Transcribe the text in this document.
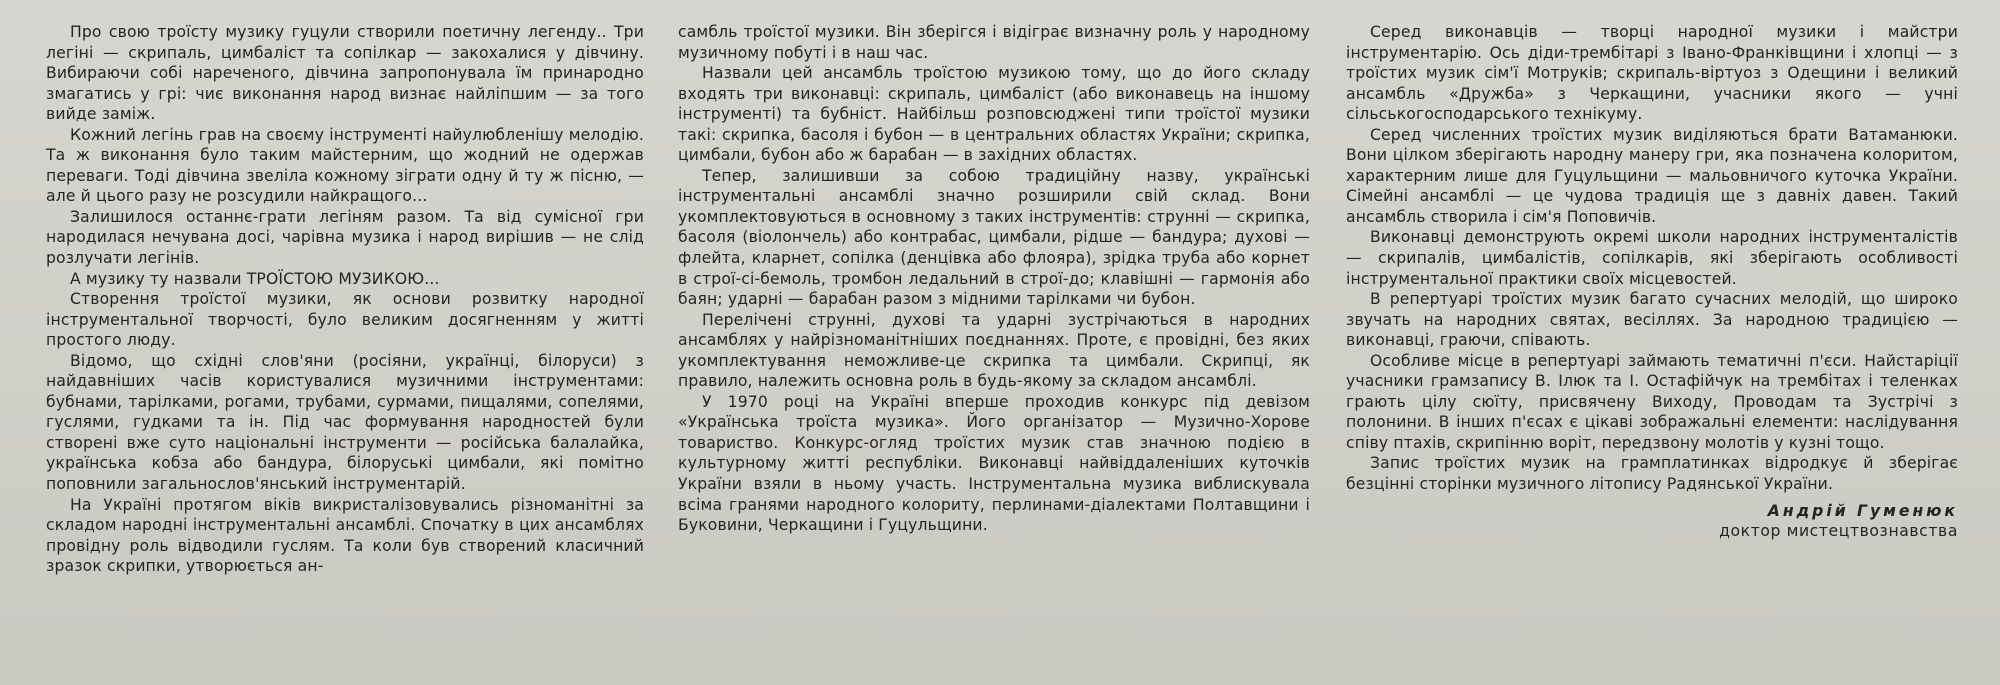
Про свою троїсту музику гуцули створили поетичну легенду.. Три легіні — скрипаль, цимбаліст та сопілкар — закохалися у дівчину. Вибираючи собі нареченого, дівчина запропонувала їм принародно змагатись у грі: чиє виконання народ визнає найліпшим — за того вийде заміж.

Кожний легінь грав на своєму інструменті найулюбленішу мелодію. Та ж виконання було таким майстерним, що жодний не одержав переваги. Тоді дівчина звеліла кожному зіграти одну й ту ж пісню, — але й цього разу не розсудили найкращого...

Залишилося останнє-грати легіням разом. Та від сумісної гри народилася нечувана досі, чарівна музика і народ вирішив — не слід розлучати легінів.

А музику ту назвали ТРОЇСТОЮ МУЗИКОЮ...

Створення троїстої музики, як основи розвитку народної інструментальної творчості, було великим досягненням у житті простого люду.

Відомо, що східні слов'яни (росіяни, українці, білоруси) з найдавніших часів користувалися музичними інструментами: бубнами, тарілками, рогами, трубами, сурмами, пищалями, сопелями, гуслями, гудками та ін. Під час формування народностей були створені вже суто національні інструменти — російська балалайка, українська кобза або бандура, білоруські цимбали, які помітно поповнили загальнослов'янський інструментарій.

На Україні протягом віків викристалізовувались різноманітні за складом народні інструментальні ансамблі. Спочатку в цих ансамблях провідну роль відводили гуслям. Та коли був створений класичний зразок скрипки, утворюється ан-

самбль троїстої музики. Він зберігся і відіграє визначну роль у народному музичному побуті і в наш час.

Назвали цей ансамбль троїстою музикою тому, що до його складу входять три виконавці: скрипаль, цимбаліст (або виконавець на іншому інструменті) та бубніст. Найбільш розповсюджені типи троїстої музики такі: скрипка, басоля і бубон — в центральних областях України; скрипка, цимбали, бубон або ж барабан — в західних областях.

Тепер, залишивши за собою традиційну назву, українські інструментальні ансамблі значно розширили свій склад. Вони укомплектовуються в основному з таких інструментів: струнні — скрипка, басоля (віолончель) або контрабас, цимбали, рідше — бандура; духові — флейта, кларнет, сопілка (денцівка або флояра), зрідка труба або корнет в строї-сі-бемоль, тромбон ледальний в строї-до; клавішні — гармонія або баян; ударні — барабан разом з мідними тарілками чи бубон.

Перелічені струнні, духові та ударні зустрічаються в народних ансамблях у найрізноманітніших поєднаннях. Проте, є провідні, без яких укомплектування неможливе-це скрипка та цимбали. Скрипці, як правило, належить основна роль в будь-якому за складом ансамблі.

У 1970 році на Україні вперше проходив конкурс під девізом «Українська троїста музика». Його організатор — Музично-Хорове товариство. Конкурс-огляд троїстих музик став значною подією в культурному житті республіки. Виконавці найвіддаленіших куточків України взяли в ньому участь. Інструментальна музика виблискувала всіма гранями народного колориту, перлинами-діалектами Полтавщини і Буковини, Черкащини і Гуцульщини.

Серед виконавців — творці народної музики і майстри інструментарію. Ось діди-трембітарі з Івано-Франківщини і хлопці — з троїстих музик сім'ї Мотруків; скрипаль-віртуоз з Одещини і великий ансамбль «Дружба» з Черкащини, учасники якого — учні сільськогосподарського технікуму.

Серед численних троїстих музик виділяються брати Ватаманюки. Вони цілком зберігають народну манеру гри, яка позначена колоритом, характерним лише для Гуцульщини — мальовничого куточка України. Сімейні ансамблі — це чудова традиція ще з давніх давен. Такий ансамбль створила і сім'я Поповичів.

Виконавці демонструють окремі школи народних інструменталістів — скрипалів, цимбалістів, сопілкарів, які зберігають особливості інструментальної практики своїх місцевостей.

В репертуарі троїстих музик багато сучасних мелодій, що широко звучать на народних святах, весіллях. За народною традицією — виконавці, граючи, співають.

Особливе місце в репертуарі займають тематичні п'єси. Найстаріції учасники грамзапису В. Ілюк та І. Остафійчук на трембітах і теленках грають цілу сюїту, присвячену Виходу, Проводам та Зустрічі з полонини. В інших п'єсах є цікаві зображальні елементи: наслідування співу птахів, скрипінню воріт, передзвону молотів у кузні тощо.

Запис троїстих музик на грамплатинках відродкує й зберігає безцінні сторінки музичного літопису Радянської України.

Андрій Гуменюк
доктор мистецтвознавства
